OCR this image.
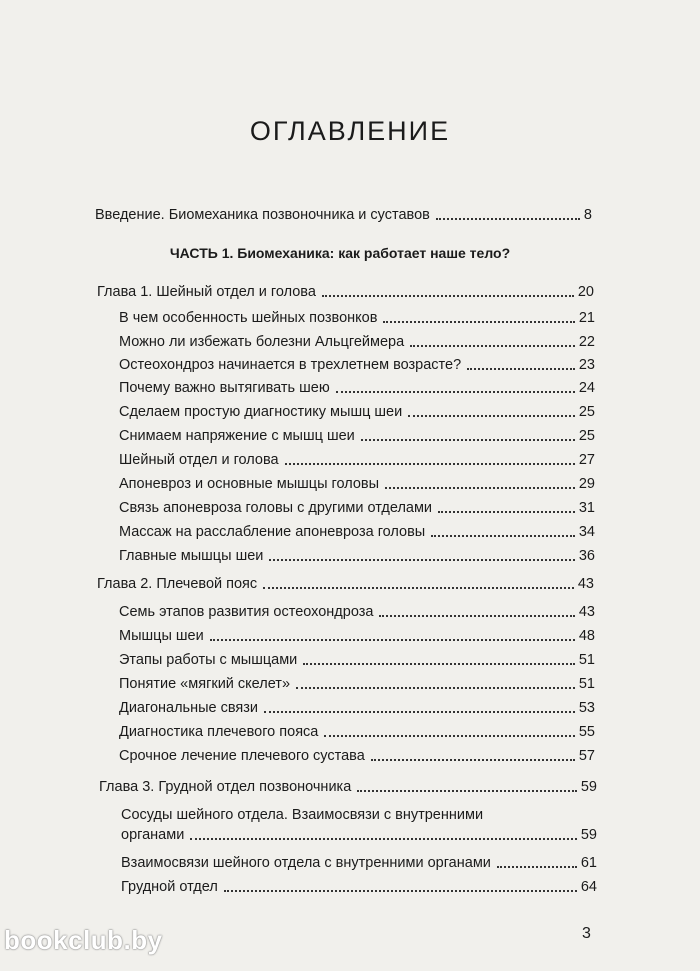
ОГЛАВЛЕНИЕ
Введение. Биомеханика позвоночника и суставов	8
ЧАСТЬ 1. Биомеханика: как работает наше тело?
Глава 1. Шейный отдел и голова	20
В чем особенность шейных позвонков	21
Можно ли избежать болезни Альцгеймера	22
Остеохондроз начинается в трехлетнем возрасте?	23
Почему важно вытягивать шею	24
Сделаем простую диагностику мышц шеи	25
Снимаем напряжение с мышц шеи	25
Шейный отдел и голова	27
Апоневроз и основные мышцы головы	29
Связь апоневроза головы с другими отделами	31
Массаж на расслабление апоневроза головы	34
Главные мышцы шеи	36
Глава 2. Плечевой пояс	43
Семь этапов развития остеохондроза	43
Мышцы шеи	48
Этапы работы с мышцами	51
Понятие «мягкий скелет»	51
Диагональные связи	53
Диагностика плечевого пояса	55
Срочное лечение плечевого сустава	57
Глава 3. Грудной отдел позвоночника	59
Сосуды шейного отдела. Взаимосвязи с внутренними
органами	59
Взаимосвязи шейного отдела с внутренними органами	61
Грудной отдел	64
bookclub.by	3
